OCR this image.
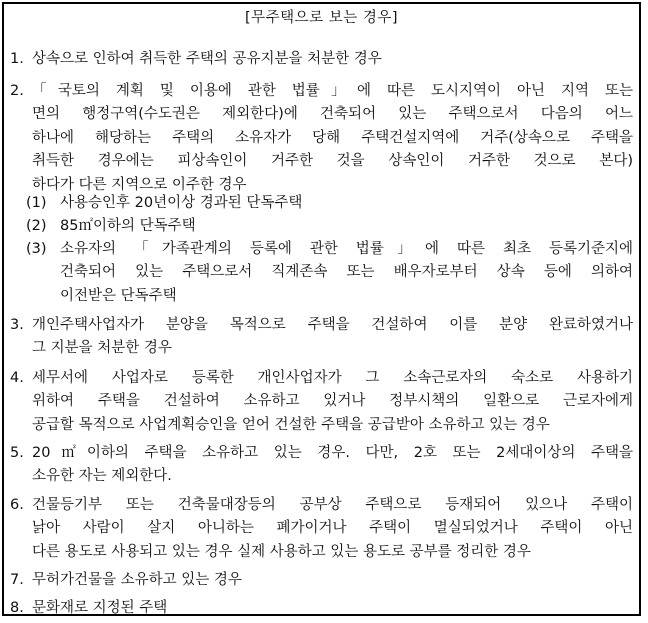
[무주택으로 보는 경우]
1. 상속으로 인하여 취득한 주택의 공유지분을 처분한 경우
2. 「국토의 계획 및 이용에 관한 법률」에 따른 도시지역이 아닌 지역 또는
면의 행정구역(수도권은 제외한다)에 건축되어 있는 주택으로서 다음의 어느
하나에 해당하는 주택의 소유자가 당해 주택건설지역에 거주(상속으로 주택을
취득한 경우에는 피상속인이 거주한 것을 상속인이 거주한 것으로 본다)
하다가 다른 지역으로 이주한 경우
(1) 사용승인후 20년이상 경과된 단독주택
(2) 85㎡이하의 단독주택
(3) 소유자의 「가족관계의 등록에 관한 법률」에 따른 최초 등록기준지에
건축되어 있는 주택으로서 직계존속 또는 배우자로부터 상속 등에 의하여
이전받은 단독주택
3. 개인주택사업자가 분양을 목적으로 주택을 건설하여 이를 분양 완료하였거나
그 지분을 처분한 경우
4. 세무서에 사업자로 등록한 개인사업자가 그 소속근로자의 숙소로 사용하기
위하여 주택을 건설하여 소유하고 있거나 정부시책의 일환으로 근로자에게
공급할 목적으로 사업계획승인을 얻어 건설한 주택을 공급받아 소유하고 있는 경우
5. 20㎡이하의 주택을 소유하고 있는 경우. 다만, 2호 또는 2세대이상의 주택을
소유한 자는 제외한다.
6. 건물등기부 또는 건축물대장등의 공부상 주택으로 등재되어 있으나 주택이
낡아 사람이 살지 아니하는 폐가이거나 주택이 멸실되었거나 주택이 아닌
다른 용도로 사용되고 있는 경우 실제 사용하고 있는 용도로 공부를 정리한 경우
7. 무허가건물을 소유하고 있는 경우
8. 문화재로 지정된 주택
